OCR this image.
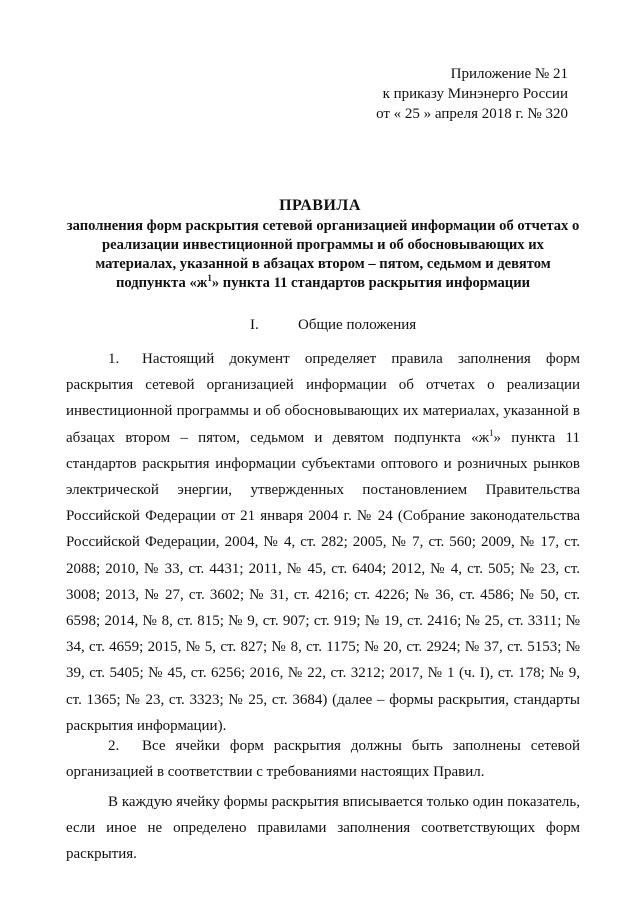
Приложение № 21
к приказу Минэнерго России
от « 25 » апреля 2018 г. № 320
ПРАВИЛА
заполнения форм раскрытия сетевой организацией информации об отчетах о реализации инвестиционной программы и об обосновывающих их материалах, указанной в абзацах втором – пятом, седьмом и девятом подпункта «$ж^1$» пункта 11 стандартов раскрытия информации
I.	Общие положения
1. Настоящий документ определяет правила заполнения форм раскрытия сетевой организацией информации об отчетах о реализации инвестиционной программы и об обосновывающих их материалах, указанной в абзацах втором – пятом, седьмом и девятом подпункта «$ж^1$» пункта 11 стандартов раскрытия информации субъектами оптового и розничных рынков электрической энергии, утвержденных постановлением Правительства Российской Федерации от 21 января 2004 г. № 24 (Собрание законодательства Российской Федерации, 2004, № 4, ст. 282; 2005, № 7, ст. 560; 2009, № 17, ст. 2088; 2010, № 33, ст. 4431; 2011, № 45, ст. 6404; 2012, № 4, ст. 505; № 23, ст. 3008; 2013, № 27, ст. 3602; № 31, ст. 4216; ст. 4226; № 36, ст. 4586; № 50, ст. 6598; 2014, № 8, ст. 815; № 9, ст. 907; ст. 919; № 19, ст. 2416; № 25, ст. 3311; № 34, ст. 4659; 2015, № 5, ст. 827; № 8, ст. 1175; № 20, ст. 2924; № 37, ст. 5153; № 39, ст. 5405; № 45, ст. 6256; 2016, № 22, ст. 3212; 2017, № 1 (ч. I), ст. 178; № 9, ст. 1365; № 23, ст. 3323; № 25, ст. 3684) (далее – формы раскрытия, стандарты раскрытия информации).
2. Все ячейки форм раскрытия должны быть заполнены сетевой организацией в соответствии с требованиями настоящих Правил.
В каждую ячейку формы раскрытия вписывается только один показатель, если иное не определено правилами заполнения соответствующих форм раскрытия.
